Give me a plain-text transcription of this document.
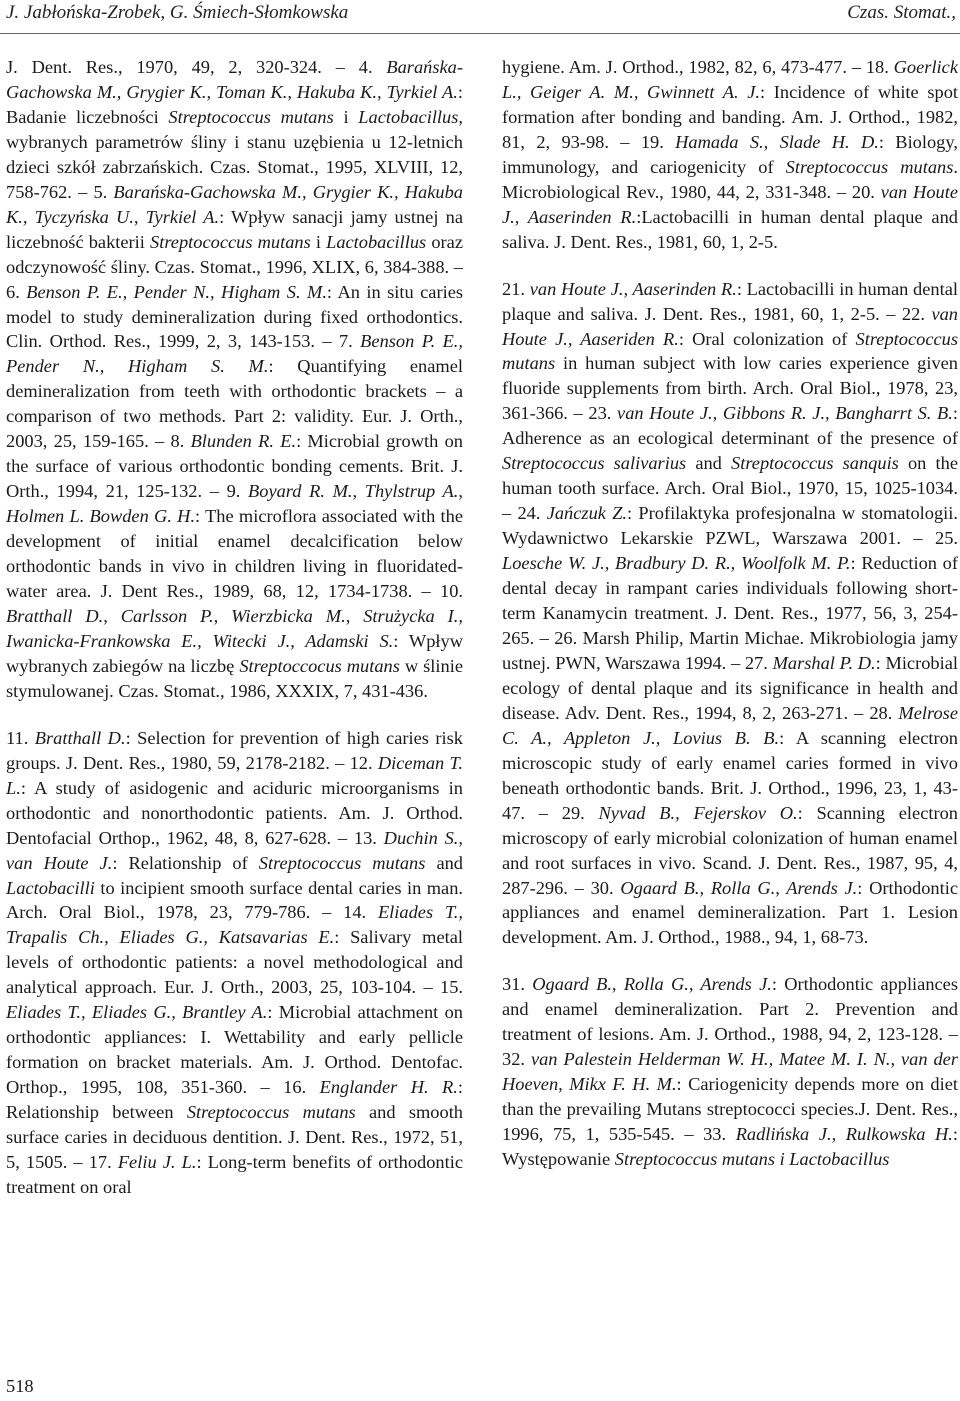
J. Jabłońska-Zrobek, G. Śmiech-Słomkowska	Czas. Stomat.,

J. Dent. Res., 1970, 49, 2, 320-324. – 4. Barańska-Gachowska M., Grygier K., Toman K., Hakuba K., Tyrkiel A.: Badanie liczebności Streptococcus mutans i Lactobacillus, wybranych parametrów śliny i stanu uzębienia u 12-letnich dzieci szkół zabrzańskich. Czas. Stomat., 1995, XLVIII, 12, 758-762. – 5. Barańska-Gachowska M., Grygier K., Hakuba K., Tyczyńska U., Tyrkiel A.: Wpływ sanacji jamy ustnej na liczebność bakterii Streptococcus mutans i Lactobacillus oraz odczynowość śliny. Czas. Stomat., 1996, XLIX, 6, 384-388. – 6. Benson P. E., Pender N., Higham S. M.: An in situ caries model to study demineralization during fixed orthodontics. Clin. Orthod. Res., 1999, 2, 3, 143-153. – 7. Benson P. E., Pender N., Higham S. M.: Quantifying enamel demineralization from teeth with orthodontic brackets – a comparison of two methods. Part 2: validity. Eur. J. Orth., 2003, 25, 159-165. – 8. Blunden R. E.: Microbial growth on the surface of various orthodontic bonding cements. Brit. J. Orth., 1994, 21, 125-132. – 9. Boyard R. M., Thylstrup A., Holmen L. Bowden G. H.: The microflora associated with the development of initial enamel decalcification below orthodontic bands in vivo in children living in fluoridated-water area. J. Dent Res., 1989, 68, 12, 1734-1738. – 10. Bratthall D., Carlsson P., Wierzbicka M., Strużycka I., Iwanicka-Frankowska E., Witecki J., Adamski S.: Wpływ wybranych zabiegów na liczbę Streptoccocus mutans w ślinie stymulowanej. Czas. Stomat., 1986, XXXIX, 7, 431-436.

11. Bratthall D.: Selection for prevention of high caries risk groups. J. Dent. Res., 1980, 59, 2178-2182. – 12. Diceman T. L.: A study of asidogenic and aciduric microorganisms in orthodontic and nonorthodontic patients. Am. J. Orthod. Dentofacial Orthop., 1962, 48, 8, 627-628. – 13. Duchin S., van Houte J.: Relationship of Streptococcus mutans and Lactobacilli to incipient smooth surface dental caries in man. Arch. Oral Biol., 1978, 23, 779-786. – 14. Eliades T., Trapalis Ch., Eliades G., Katsavarias E.: Salivary metal levels of orthodontic patients: a novel methodological and analytical approach. Eur. J. Orth., 2003, 25, 103-104. – 15. Eliades T., Eliades G., Brantley A.: Microbial attachment on orthodontic appliances: I. Wettability and early pellicle formation on bracket materials. Am. J. Orthod. Dentofac. Orthop., 1995, 108, 351-360. – 16. Englander H. R.: Relationship between Streptococcus mutans and smooth surface caries in deciduous dentition. J. Dent. Res., 1972, 51, 5, 1505. – 17. Feliu J. L.: Long-term benefits of orthodontic treatment on oral

hygiene. Am. J. Orthod., 1982, 82, 6, 473-477. – 18. Goerlick L., Geiger A. M., Gwinnett A. J.: Incidence of white spot formation after bonding and banding. Am. J. Orthod., 1982, 81, 2, 93-98. – 19. Hamada S., Slade H. D.: Biology, immunology, and cariogenicity of Streptococcus mutans. Microbiological Rev., 1980, 44, 2, 331-348. – 20. van Houte J., Aaserinden R.:Lactobacilli in human dental plaque and saliva. J. Dent. Res., 1981, 60, 1, 2-5.

21. van Houte J., Aaserinden R.: Lactobacilli in human dental plaque and saliva. J. Dent. Res., 1981, 60, 1, 2-5. – 22. van Houte J., Aaseriden R.: Oral colonization of Streptococcus mutans in human subject with low caries experience given fluoride supplements from birth. Arch. Oral Biol., 1978, 23, 361-366. – 23. van Houte J., Gibbons R. J., Bangharrt S. B.: Adherence as an ecological determinant of the presence of Streptococcus salivarius and Streptococcus sanquis on the human tooth surface. Arch. Oral Biol., 1970, 15, 1025-1034. – 24. Jańczuk Z.: Profilaktyka profesjonalna w stomatologii. Wydawnictwo Lekarskie PZWL, Warszawa 2001. – 25. Loesche W. J., Bradbury D. R., Woolfolk M. P.: Reduction of dental decay in rampant caries individuals following short-term Kanamycin treatment. J. Dent. Res., 1977, 56, 3, 254-265. – 26. Marsh Philip, Martin Michae. Mikrobiologia jamy ustnej. PWN, Warszawa 1994. – 27. Marshal P. D.: Microbial ecology of dental plaque and its significance in health and disease. Adv. Dent. Res., 1994, 8, 2, 263-271. – 28. Melrose C. A., Appleton J., Lovius B. B.: A scanning electron microscopic study of early enamel caries formed in vivo beneath orthodontic bands. Brit. J. Orthod., 1996, 23, 1, 43-47. – 29. Nyvad B., Fejerskov O.: Scanning electron microscopy of early microbial colonization of human enamel and root surfaces in vivo. Scand. J. Dent. Res., 1987, 95, 4, 287-296. – 30. Ogaard B., Rolla G., Arends J.: Orthodontic appliances and enamel demineralization. Part 1. Lesion development. Am. J. Orthod., 1988., 94, 1, 68-73.

31. Ogaard B., Rolla G., Arends J.: Orthodontic appliances and enamel demineralization. Part 2. Prevention and treatment of lesions. Am. J. Orthod., 1988, 94, 2, 123-128. – 32. van Palestein Helderman W. H., Matee M. I. N., van der Hoeven, Mikx F. H. M.: Cariogenicity depends more on diet than the prevailing Mutans streptococci species.J. Dent. Res., 1996, 75, 1, 535-545. – 33. Radlińska J., Rulkowska H.: Występowanie Streptococcus mutans i Lactobacillus

518
